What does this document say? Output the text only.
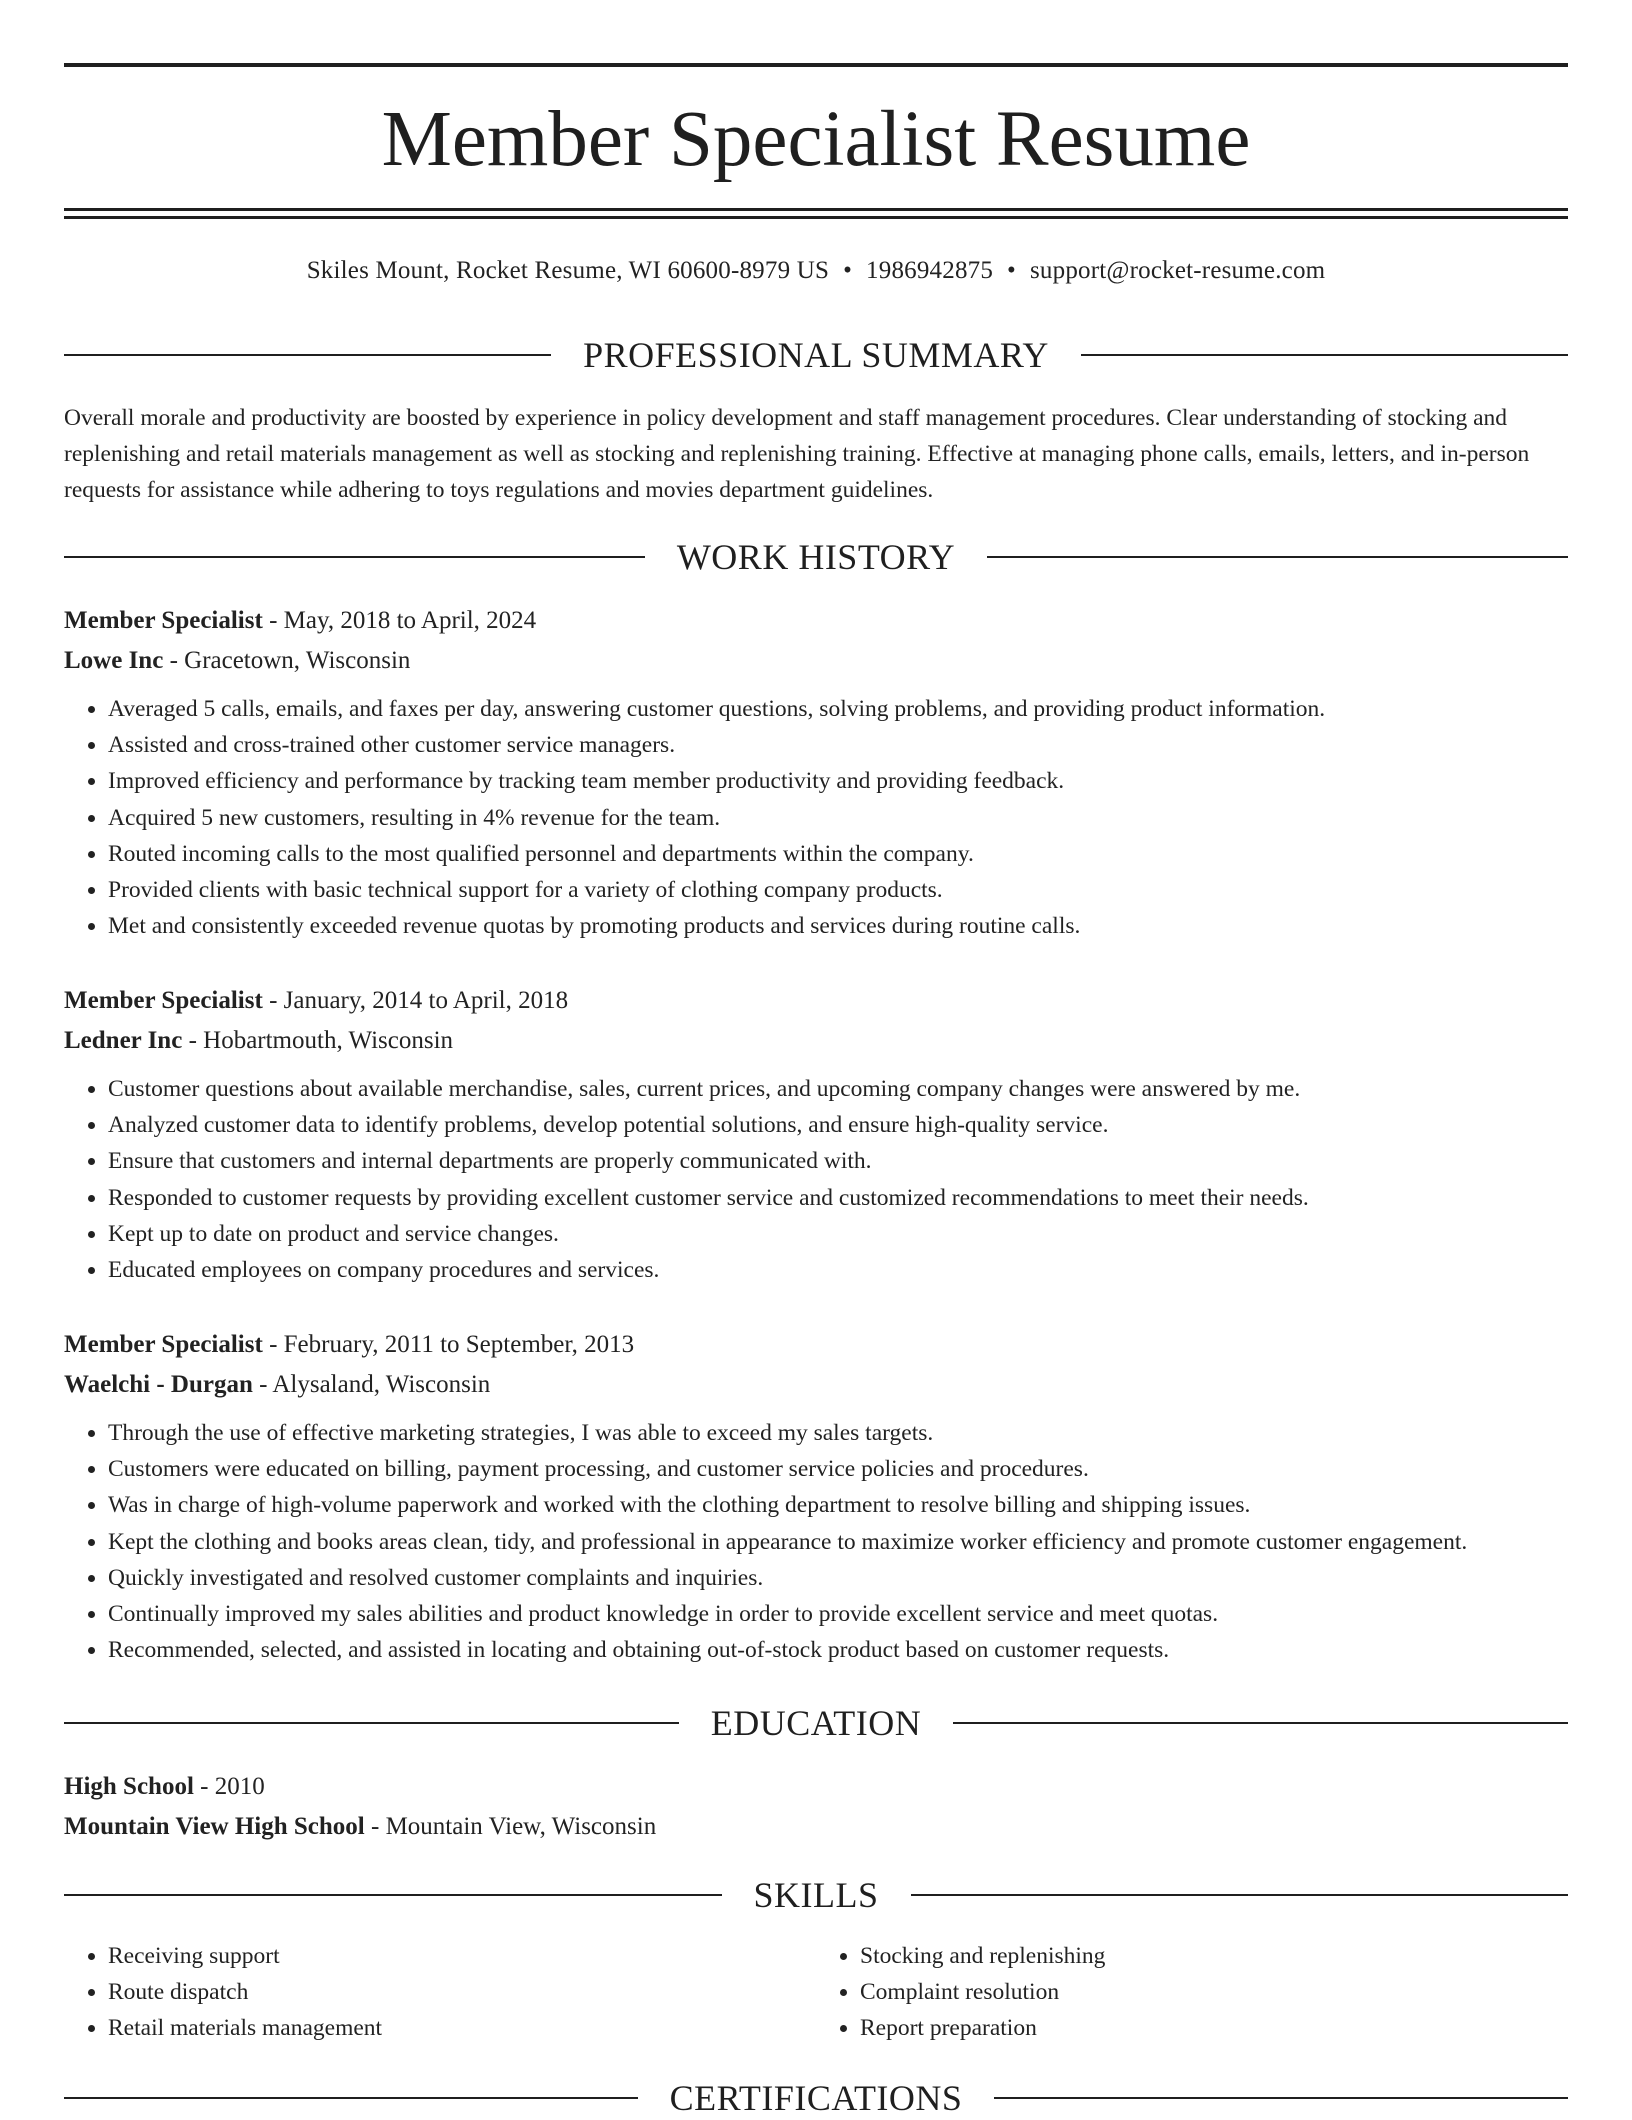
Member Specialist Resume
Skiles Mount, Rocket Resume, WI 60600-8979 US • 1986942875 • support@rocket-resume.com
PROFESSIONAL SUMMARY
Overall morale and productivity are boosted by experience in policy development and staff management procedures. Clear understanding of stocking and replenishing and retail materials management as well as stocking and replenishing training. Effective at managing phone calls, emails, letters, and in-person requests for assistance while adhering to toys regulations and movies department guidelines.
WORK HISTORY
Member Specialist - May, 2018 to April, 2024
Lowe Inc - Gracetown, Wisconsin
• Averaged 5 calls, emails, and faxes per day, answering customer questions, solving problems, and providing product information.
• Assisted and cross-trained other customer service managers.
• Improved efficiency and performance by tracking team member productivity and providing feedback.
• Acquired 5 new customers, resulting in 4% revenue for the team.
• Routed incoming calls to the most qualified personnel and departments within the company.
• Provided clients with basic technical support for a variety of clothing company products.
• Met and consistently exceeded revenue quotas by promoting products and services during routine calls.
Member Specialist - January, 2014 to April, 2018
Ledner Inc - Hobartmouth, Wisconsin
• Customer questions about available merchandise, sales, current prices, and upcoming company changes were answered by me.
• Analyzed customer data to identify problems, develop potential solutions, and ensure high-quality service.
• Ensure that customers and internal departments are properly communicated with.
• Responded to customer requests by providing excellent customer service and customized recommendations to meet their needs.
• Kept up to date on product and service changes.
• Educated employees on company procedures and services.
Member Specialist - February, 2011 to September, 2013
Waelchi - Durgan - Alysaland, Wisconsin
• Through the use of effective marketing strategies, I was able to exceed my sales targets.
• Customers were educated on billing, payment processing, and customer service policies and procedures.
• Was in charge of high-volume paperwork and worked with the clothing department to resolve billing and shipping issues.
• Kept the clothing and books areas clean, tidy, and professional in appearance to maximize worker efficiency and promote customer engagement.
• Quickly investigated and resolved customer complaints and inquiries.
• Continually improved my sales abilities and product knowledge in order to provide excellent service and meet quotas.
• Recommended, selected, and assisted in locating and obtaining out-of-stock product based on customer requests.
EDUCATION
High School - 2010
Mountain View High School - Mountain View, Wisconsin
SKILLS
• Receiving support
• Route dispatch
• Retail materials management
• Stocking and replenishing
• Complaint resolution
• Report preparation
CERTIFICATIONS
